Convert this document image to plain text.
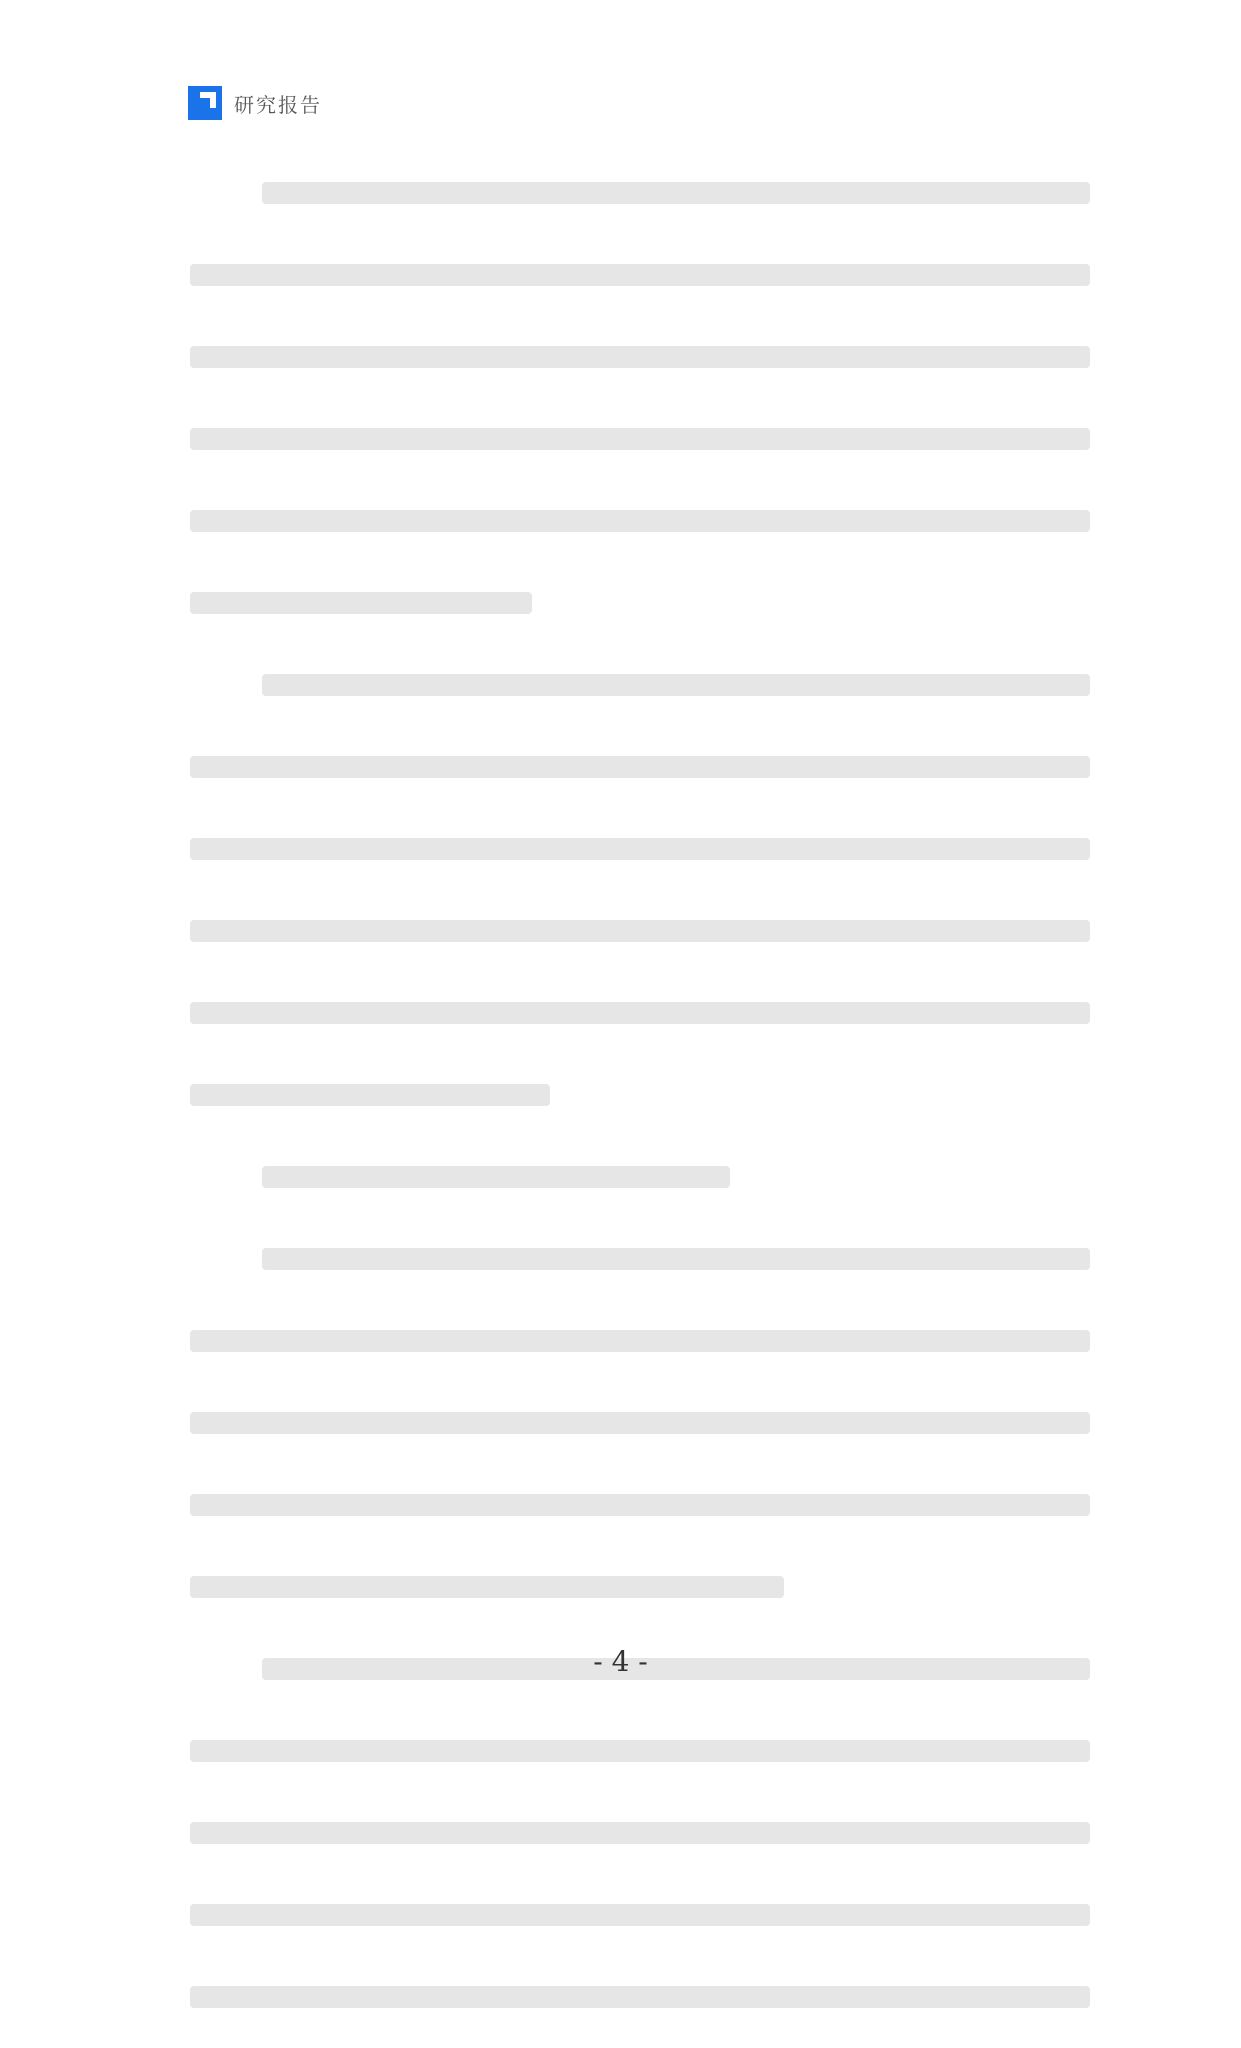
研究报告
- 4 -
